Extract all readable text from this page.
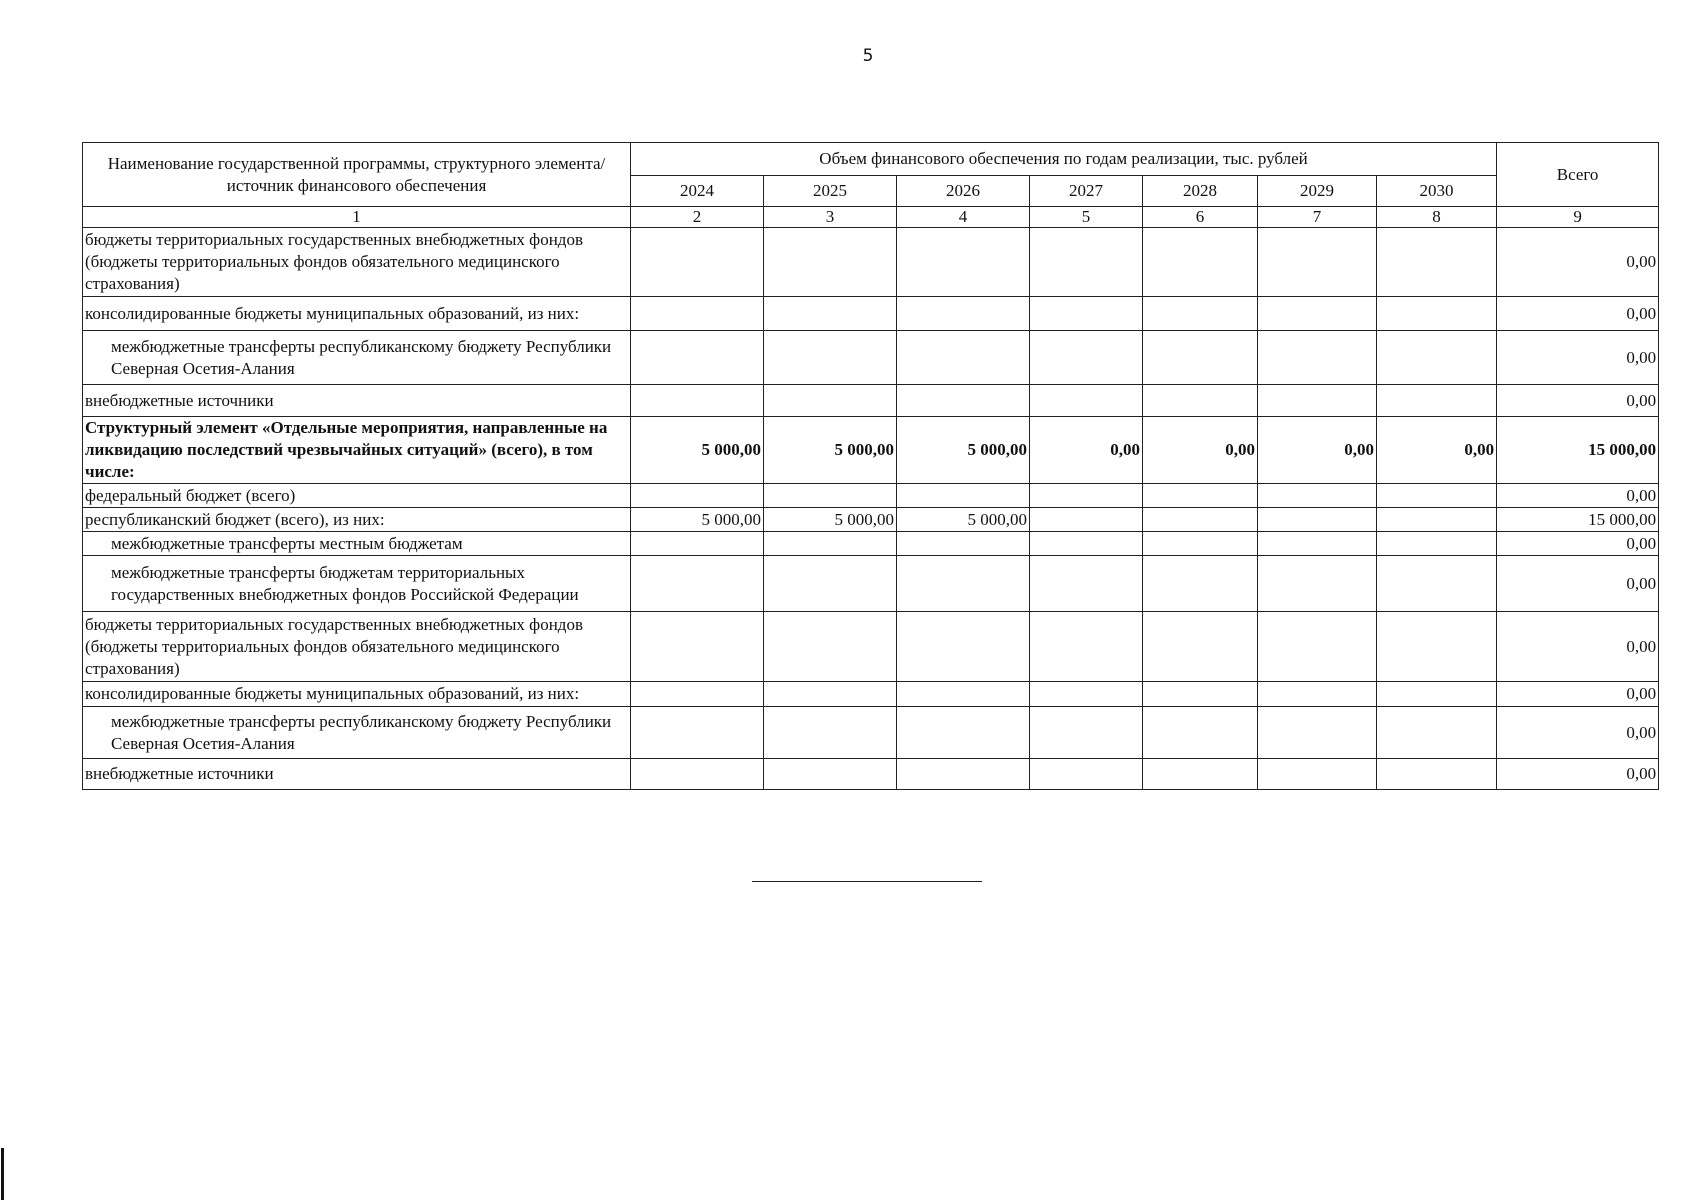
5
Наименование государственной программы, структурного элемента/источник финансового обеспечения	Объем финансового обеспечения по годам реализации, тыс. рублей							Всего
	2024	2025	2026	2027	2028	2029	2030	
1	2	3	4	5	6	7	8	9
бюджеты территориальных государственных внебюджетных фондов (бюджеты территориальных фондов обязательного медицинского страхования)								0,00
консолидированные бюджеты муниципальных образований, из них:								0,00
межбюджетные трансферты республиканскому бюджету Республики Северная Осетия-Алания								0,00
внебюджетные источники								0,00
Структурный элемент «Отдельные мероприятия, направленные на ликвидацию последствий чрезвычайных ситуаций» (всего), в том числе:	5 000,00	5 000,00	5 000,00	0,00	0,00	0,00	0,00	15 000,00
федеральный бюджет (всего)								0,00
республиканский бюджет (всего), из них:	5 000,00	5 000,00	5 000,00					15 000,00
межбюджетные трансферты местным бюджетам								0,00
межбюджетные трансферты бюджетам территориальных государственных внебюджетных фондов Российской Федерации								0,00
бюджеты территориальных государственных внебюджетных фондов (бюджеты территориальных фондов обязательного медицинского страхования)								0,00
консолидированные бюджеты муниципальных образований, из них:								0,00
межбюджетные трансферты республиканскому бюджету Республики Северная Осетия-Алания								0,00
внебюджетные источники								0,00
